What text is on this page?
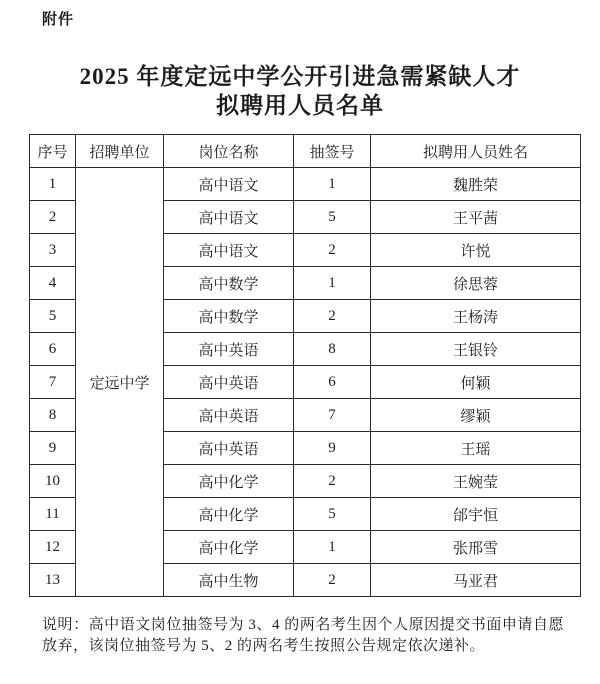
附件
2025 年度定远中学公开引进急需紧缺人才
拟聘用人员名单
序号	招聘单位	岗位名称	抽签号	拟聘用人员姓名
1	定远中学	高中语文	1	魏胜荣
2		高中语文	5	王平茜
3		高中语文	2	许悦
4		高中数学	1	徐思蓉
5		高中数学	2	王杨涛
6		高中英语	8	王银铃
7		高中英语	6	何颖
8		高中英语	7	缪颖
9		高中英语	9	王瑶
10		高中化学	2	王婉莹
11		高中化学	5	邰宇恒
12		高中化学	1	张邢雪
13		高中生物	2	马亚君
说明：高中语文岗位抽签号为 3、4 的两名考生因个人原因提交书面申请自愿放弃，该岗位抽签号为 5、2 的两名考生按照公告规定依次递补。
